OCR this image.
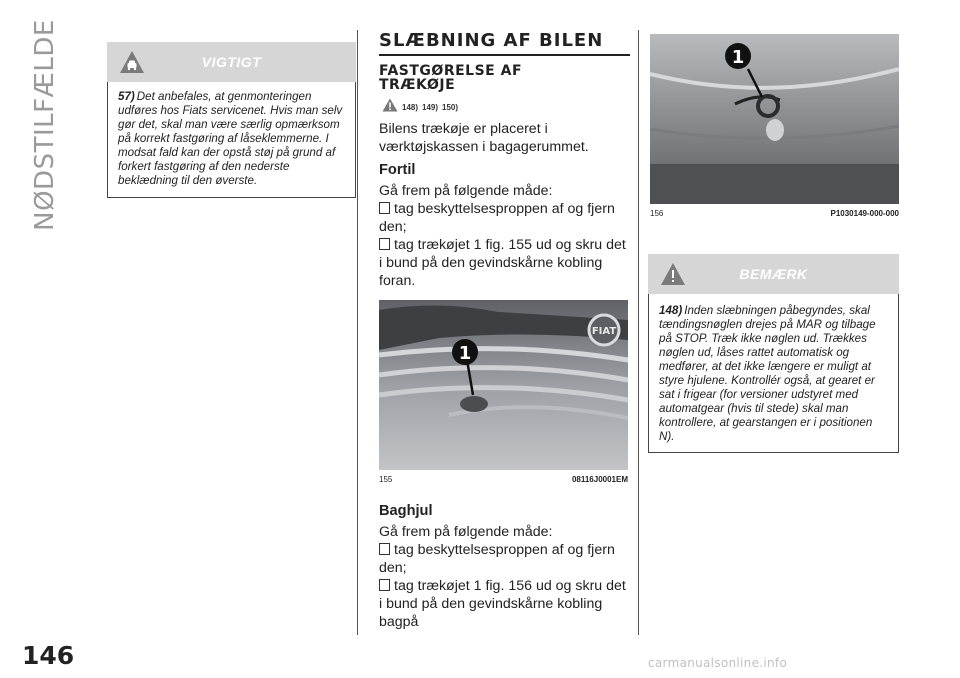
NØDSTILFÆLDE	VIGTIGT
57) Det anbefales, at genmonteringen
udføres hos Fiats servicenet. Hvis man selv
gør det, skal man være særlig opmærksom
på korrekt fastgøring af låseklemmerne. I
modsat fald kan der opstå støj på grund af
forkert fastgøring af den nederste
beklædning til den øverste.
SLÆBNING AF BILEN
FASTGØRELSE AF
TRÆKØJE
148) 149) 150)

Bilens trækøje er placeret i

værktøjskassen i bagagerummet.

Fortil

Gå frem på følgende måde:

tag beskyttelsesproppen af og fjern

den;

tag trækøjet 1 fig. 155 ud og skru det

i bund på den gevindskårne kobling

foran.

FIAT
1
155	08116J0001EM

Baghjul

Gå frem på følgende måde:

tag beskyttelsesproppen af og fjern

den;

tag trækøjet 1 fig. 156 ud og skru det

i bund på den gevindskårne kobling

bagpå

1
156	P1030149-000-000
BEMÆRK
148) Inden slæbningen påbegyndes, skal
tændingsnøglen drejes på MAR og tilbage
på STOP. Træk ikke nøglen ud. Trækkes
nøglen ud, låses rattet automatisk og
medfører, at det ikke længere er muligt at
styre hjulene. Kontrollér også, at gearet er
sat i frigear (for versioner udstyret med
automatgear (hvis til stede) skal man
kontrollere, at gearstangen er i positionen
N).
146	carmanualsonline.info
